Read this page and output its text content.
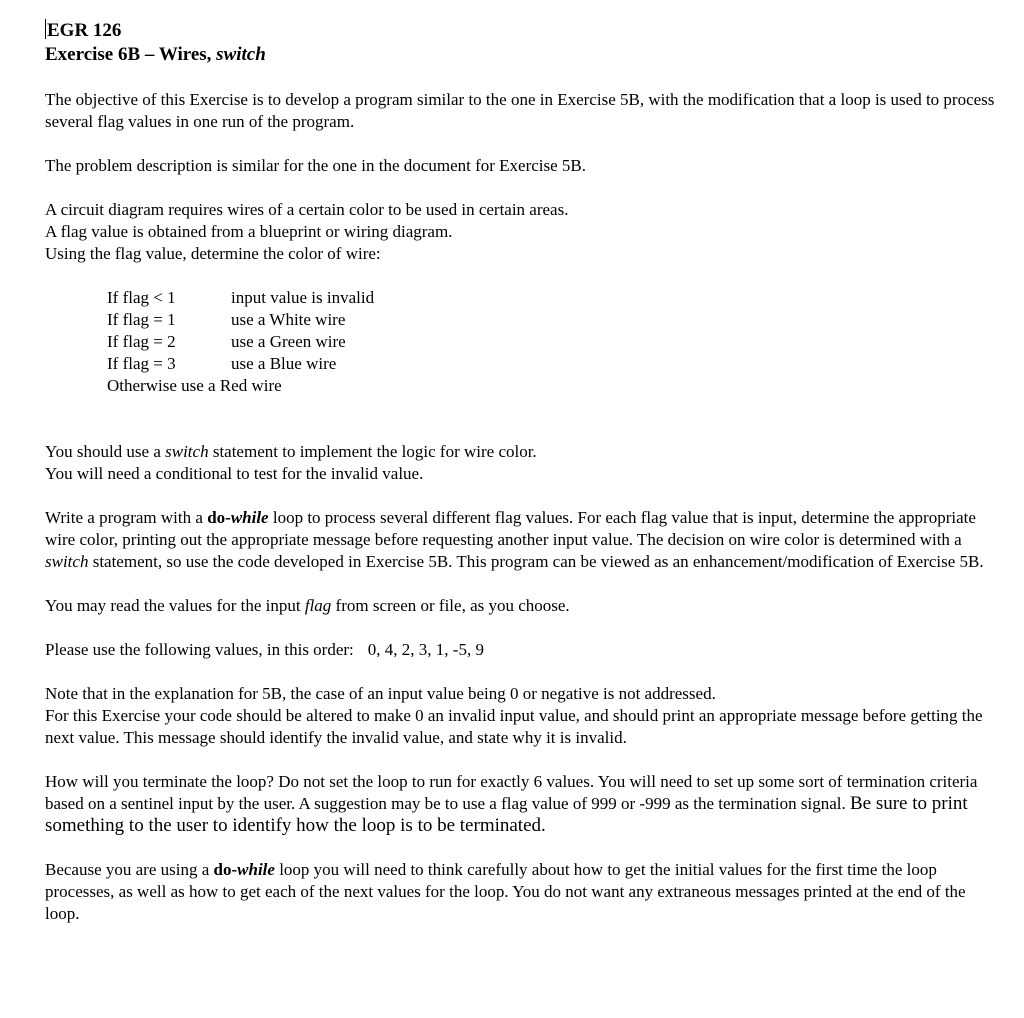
EGR 126

Exercise 6B – Wires, switch

The objective of this Exercise is to develop a program similar to the one in Exercise 5B, with the modification that a loop is used to process several flag values in one run of the program.

The problem description is similar for the one in the document for Exercise 5B.

A circuit diagram requires wires of a certain color to be used in certain areas.

A flag value is obtained from a blueprint or wiring diagram.

Using the flag value, determine the color of wire:

If flag < 1	input value is invalid
If flag = 1	use a White wire
If flag = 2	use a Green wire
If flag = 3	use a Blue wire
Otherwise use a Red wire

You should use a switch statement to implement the logic for wire color.

You will need a conditional to test for the invalid value.

Write a program with a do-while loop to process several different flag values. For each flag value that is input, determine the appropriate wire color, printing out the appropriate message before requesting another input value. The decision on wire color is determined with a switch statement, so use the code developed in Exercise 5B. This program can be viewed as an enhancement/modification of Exercise 5B.

You may read the values for the input flag from screen or file, as you choose.

Please use the following values, in this order: 0, 4, 2, 3, 1, -5, 9

Note that in the explanation for 5B, the case of an input value being 0 or negative is not addressed.

For this Exercise your code should be altered to make 0 an invalid input value, and should print an appropriate message before getting the next value. This message should identify the invalid value, and state why it is invalid.

How will you terminate the loop? Do not set the loop to run for exactly 6 values. You will need to set up some sort of termination criteria based on a sentinel input by the user. A suggestion may be to use a flag value of 999 or -999 as the termination signal. Be sure to print something to the user to identify how the loop is to be terminated.

Because you are using a do-while loop you will need to think carefully about how to get the initial values for the first time the loop processes, as well as how to get each of the next values for the loop. You do not want any extraneous messages printed at the end of the loop.
